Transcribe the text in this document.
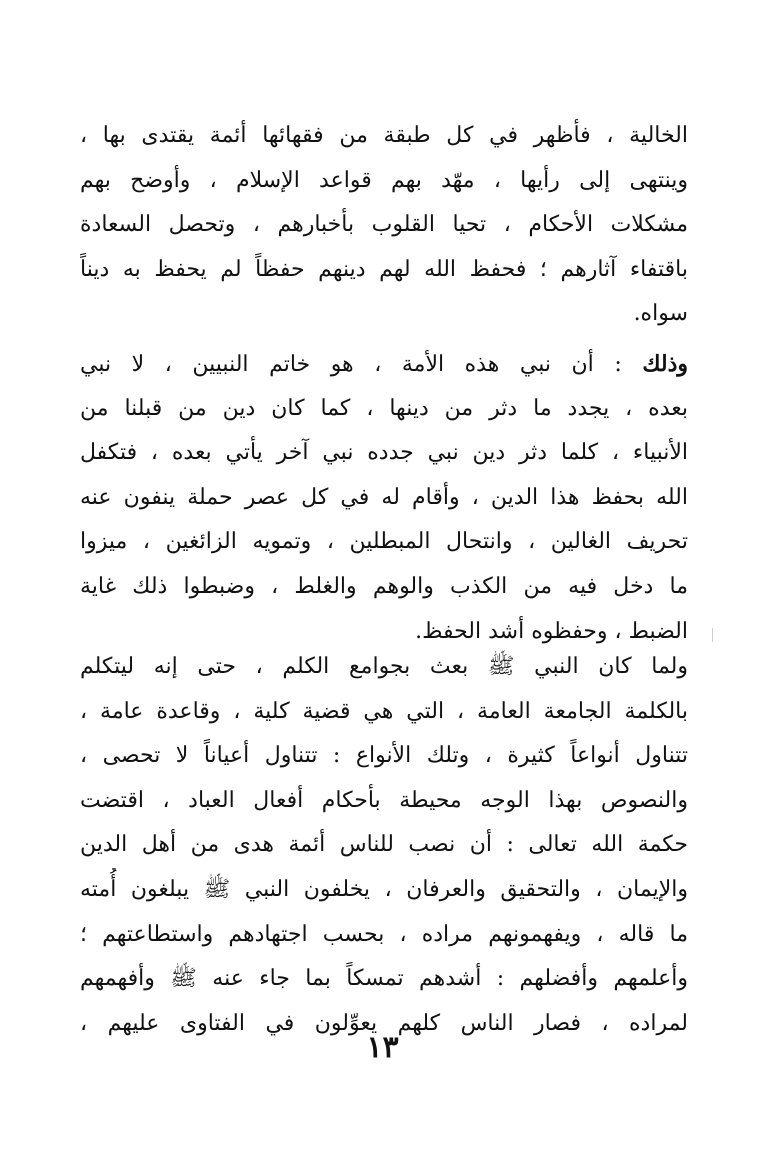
الخالية ، فأظهر في كل طبقة من فقهائها أئمة يقتدى بها ،
وينتهى إلى رأيها ، مهّد بهم قواعد الإسلام ، وأوضح بهم
مشكلات الأحكام ، تحيا القلوب بأخبارهم ، وتحصل السعادة
باقتفاء آثارهم ؛ فحفظ الله لهم دينهم حفظاً لم يحفظ به ديناً
سواه.
وذلك : أن نبي هذه الأمة ، هو خاتم النبيين ، لا نبي
بعده ، يجدد ما دثر من دينها ، كما كان دين من قبلنا من
الأنبياء ، كلما دثر دين نبي جدده نبي آخر يأتي بعده ، فتكفل
الله بحفظ هذا الدين ، وأقام له في كل عصر حملة ينفون عنه
تحريف الغالين ، وانتحال المبطلين ، وتمويه الزائغين ، ميزوا
ما دخل فيه من الكذب والوهم والغلط ، وضبطوا ذلك غاية
الضبط ، وحفظوه أشد الحفظ.
ولما كان النبي ﷺ بعث بجوامع الكلم ، حتى إنه ليتكلم
بالكلمة الجامعة العامة ، التي هي قضية كلية ، وقاعدة عامة ،
تتناول أنواعاً كثيرة ، وتلك الأنواع : تتناول أعياناً لا تحصى ،
والنصوص بهذا الوجه محيطة بأحكام أفعال العباد ، اقتضت
حكمة الله تعالى : أن نصب للناس أئمة هدى من أهل الدين
والإيمان ، والتحقيق والعرفان ، يخلفون النبي ﷺ يبلغون أُمته
ما قاله ، ويفهمونهم مراده ، بحسب اجتهادهم واستطاعتهم ؛
وأعلمهم وأفضلهم : أشدهم تمسكاً بما جاء عنه ﷺ وأفهمهم
لمراده ، فصار الناس كلهم يعوِّلون في الفتاوى عليهم ،
١٣
